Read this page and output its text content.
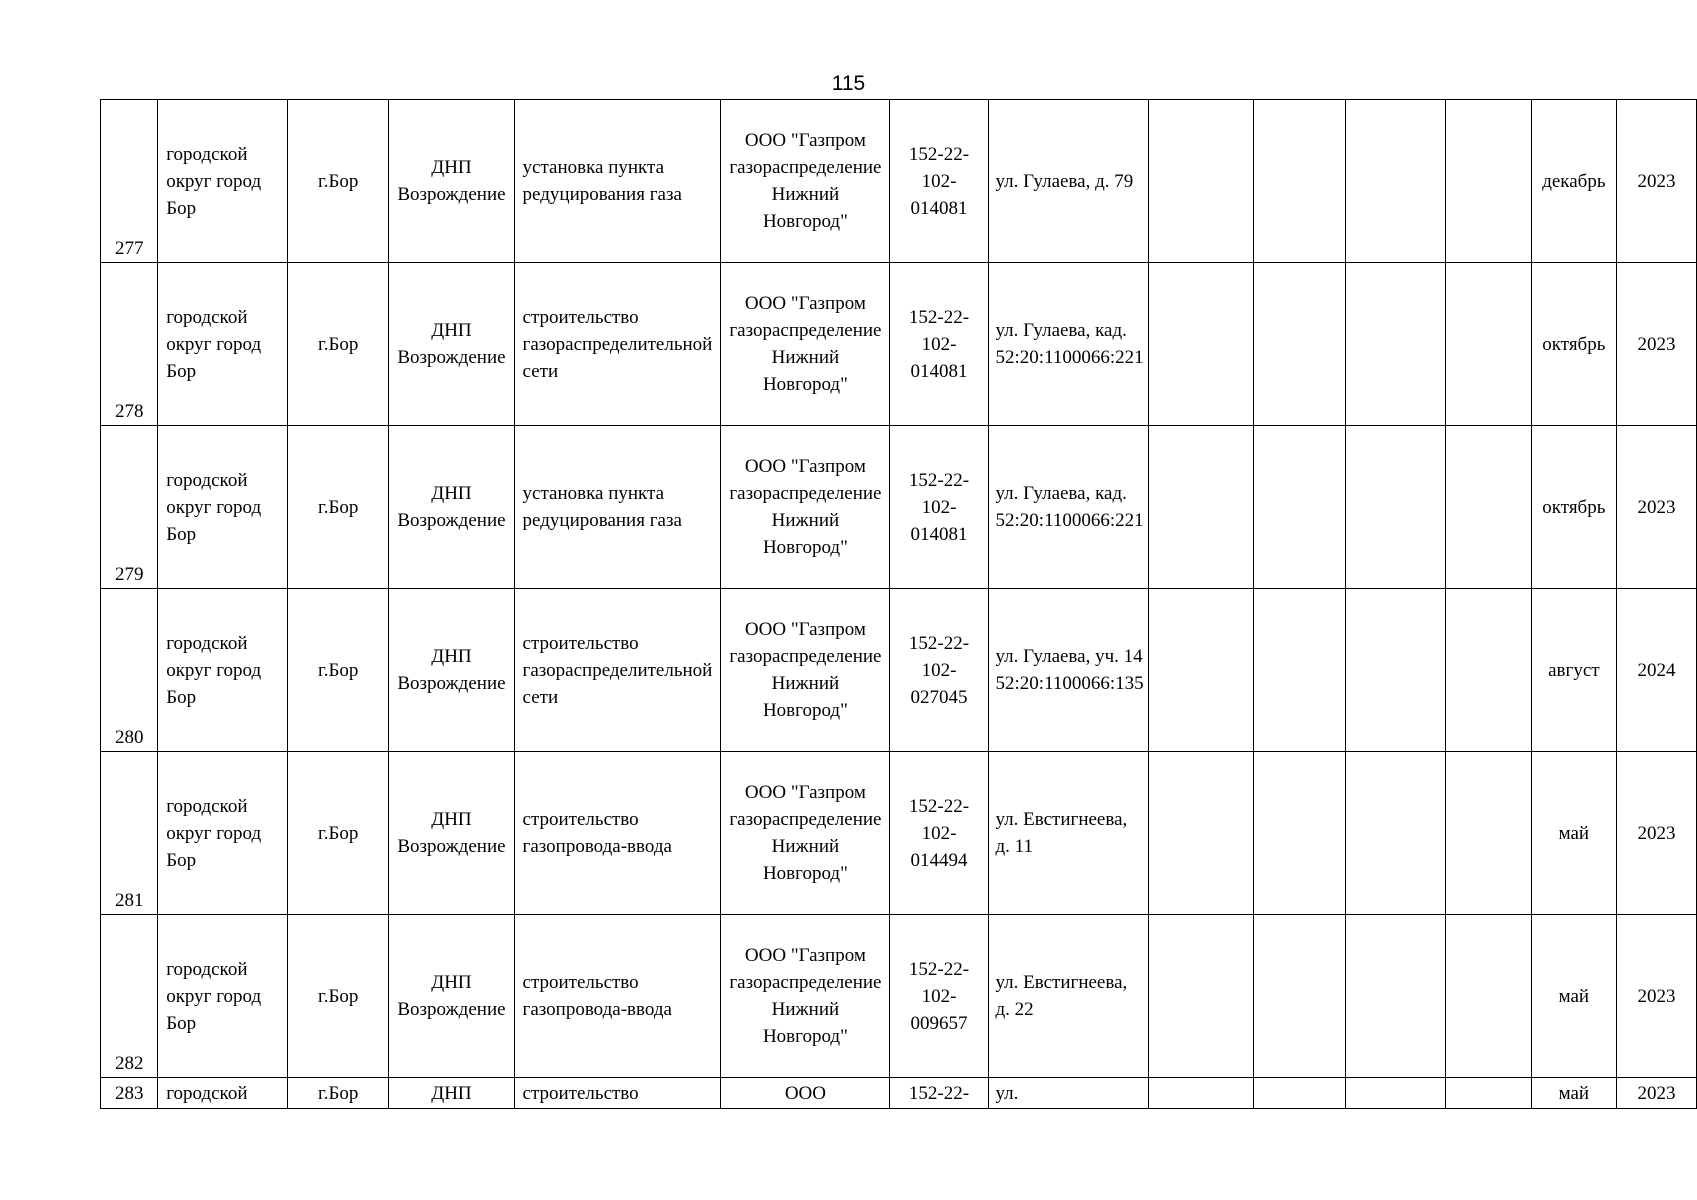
115
277	городской округ город Бор	г.Бор	ДНП Возрождение	установка пункта редуцирования газа	ООО "Газпром газораспределение Нижний Новгород"	152-22-102-014081	ул. Гулаева, д. 79					декабрь	2023
278	городской округ город Бор	г.Бор	ДНП Возрождение	строительство газораспределительной сети	ООО "Газпром газораспределение Нижний Новгород"	152-22-102-014081	ул. Гулаева, кад. 52:20:1100066:221					октябрь	2023
279	городской округ город Бор	г.Бор	ДНП Возрождение	установка пункта редуцирования газа	ООО "Газпром газораспределение Нижний Новгород"	152-22-102-014081	ул. Гулаева, кад. 52:20:1100066:221					октябрь	2023
280	городской округ город Бор	г.Бор	ДНП Возрождение	строительство газораспределительной сети	ООО "Газпром газораспределение Нижний Новгород"	152-22-102-027045	ул. Гулаева, уч. 14 52:20:1100066:135					август	2024
281	городской округ город Бор	г.Бор	ДНП Возрождение	строительство газопровода-ввода	ООО "Газпром газораспределение Нижний Новгород"	152-22-102-014494	ул. Евстигнеева, д. 11					май	2023
282	городской округ город Бор	г.Бор	ДНП Возрождение	строительство газопровода-ввода	ООО "Газпром газораспределение Нижний Новгород"	152-22-102-009657	ул. Евстигнеева, д. 22					май	2023
283	городской	г.Бор	ДНП	строительство	ООО	152-22-	ул.					май	2023
